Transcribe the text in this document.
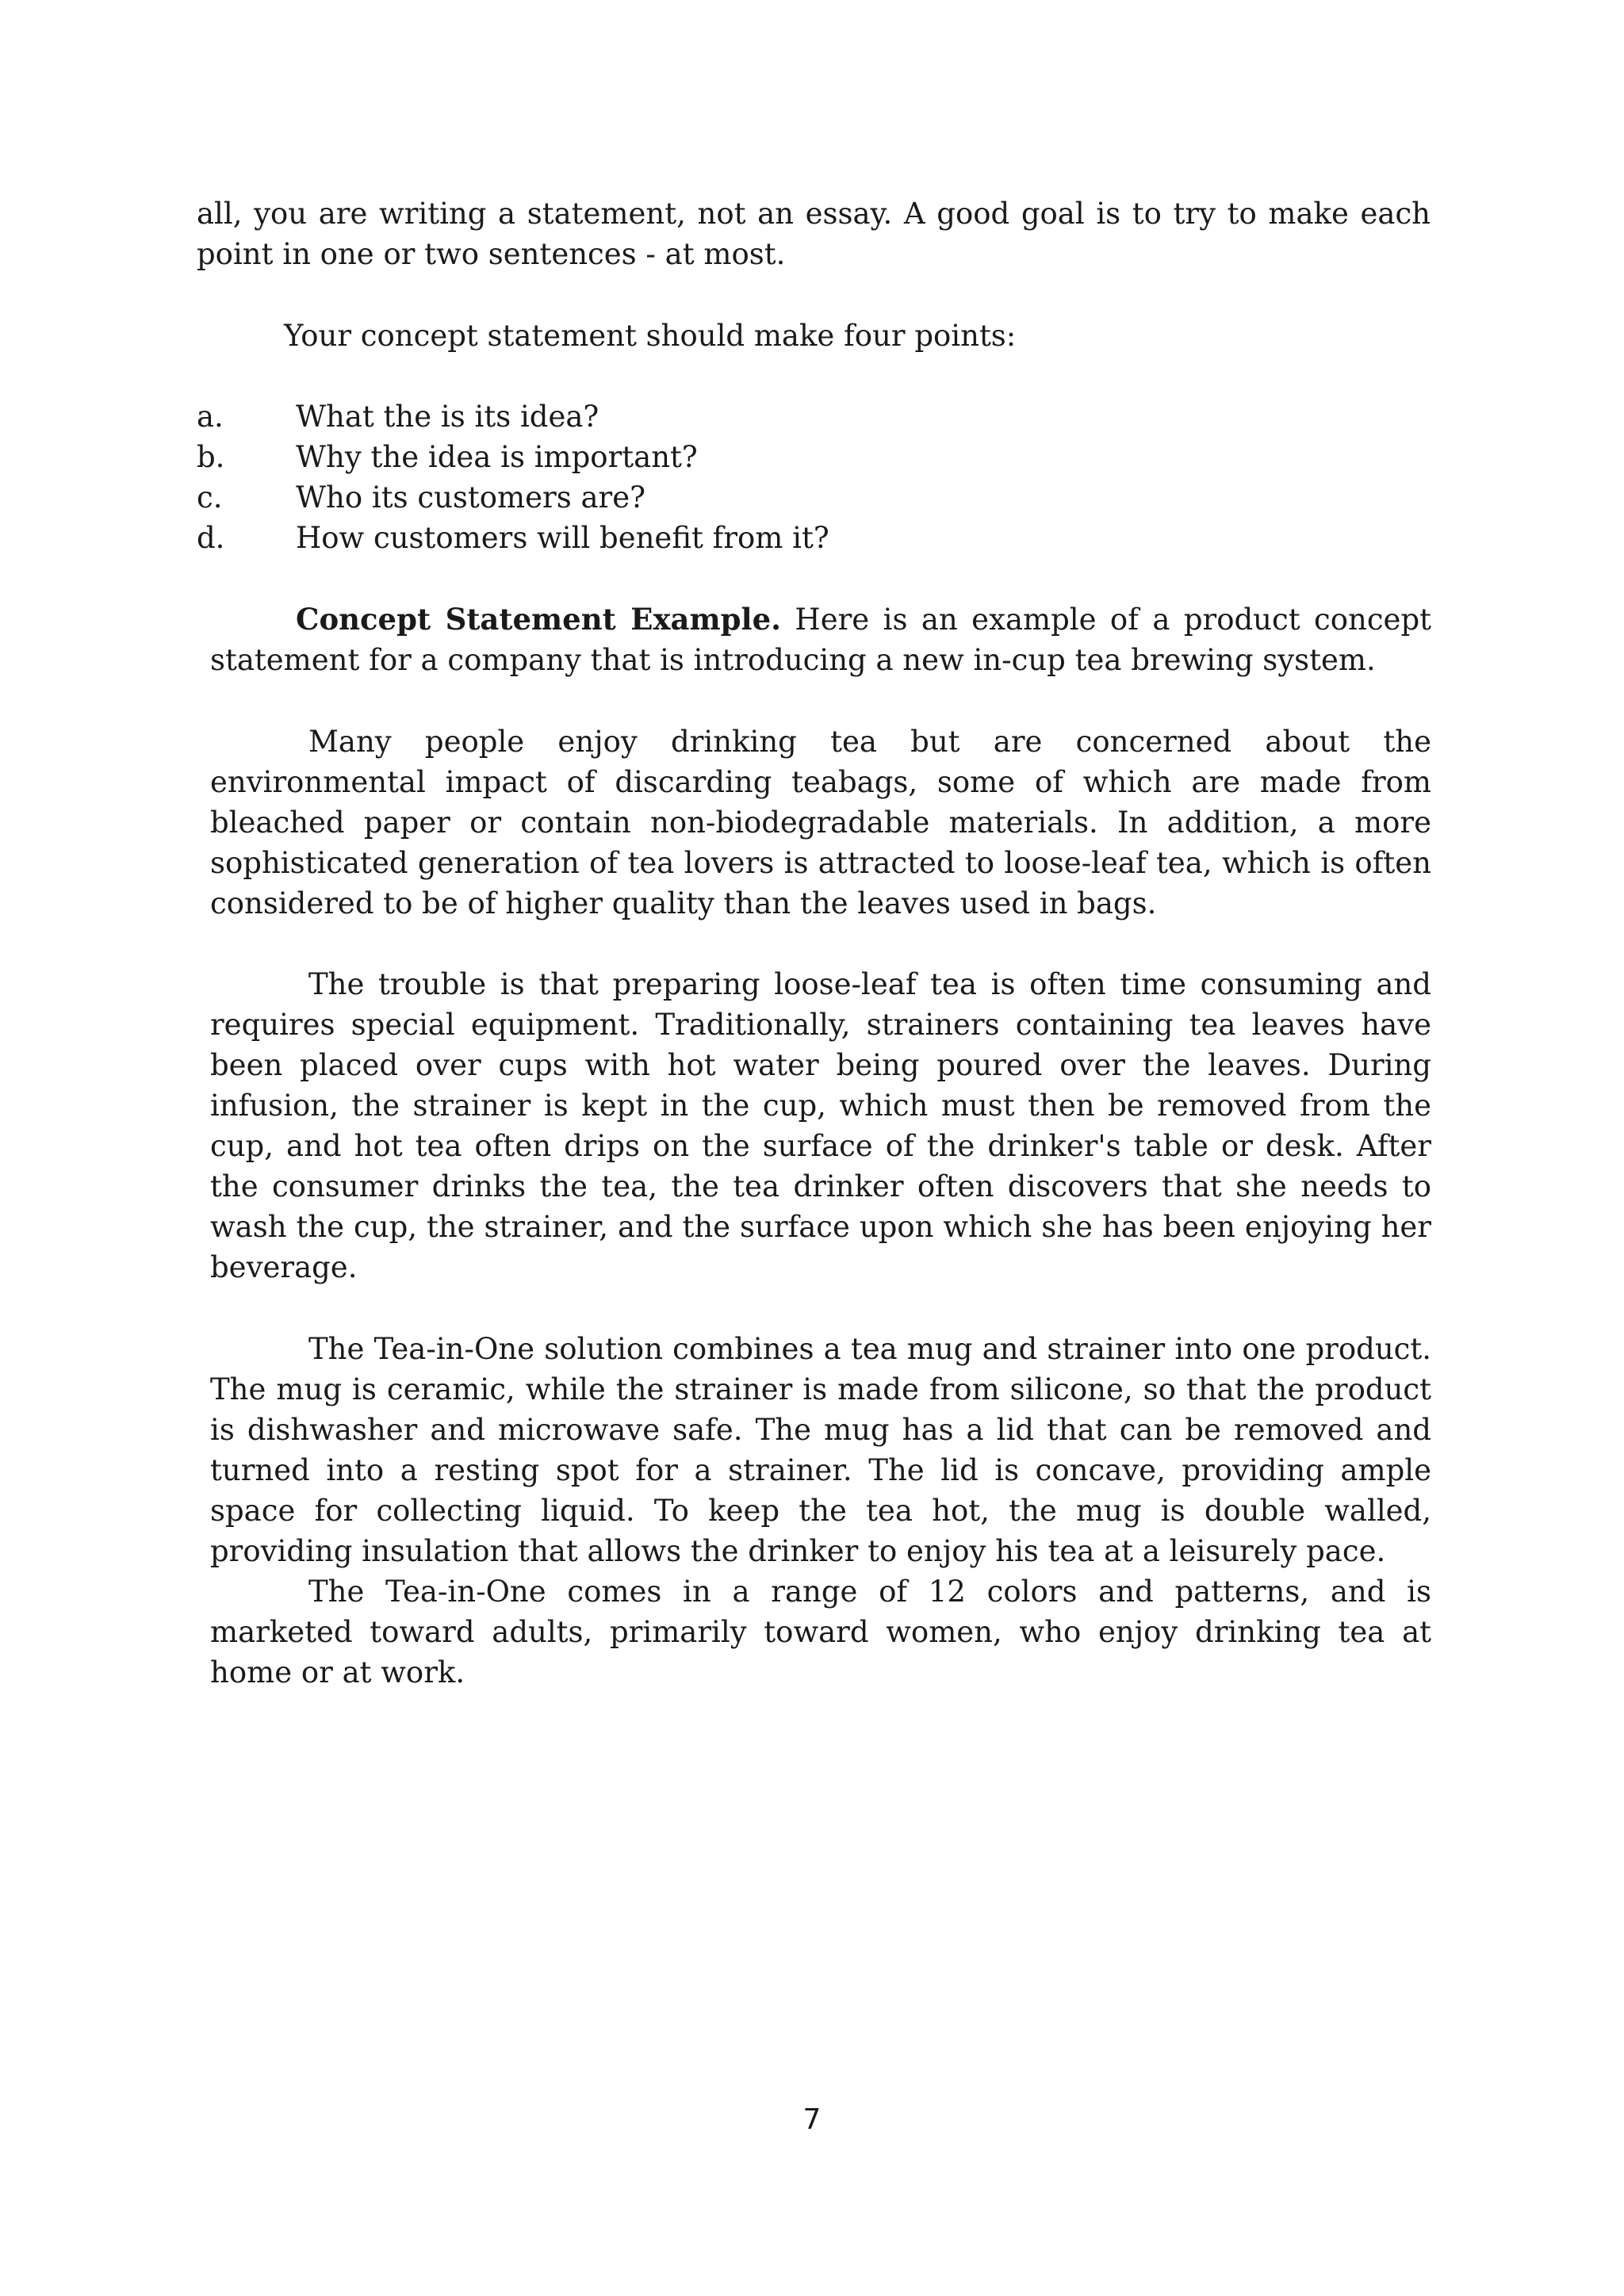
all, you are writing a statement, not an essay. A good goal is to try to make each point in one or two sentences - at most.

Your concept statement should make four points:

a.	What the is its idea?
b.	Why the idea is important?
c.	Who its customers are?
d.	How customers will benefit from it?

Concept Statement Example. Here is an example of a product concept statement for a company that is introducing a new in-cup tea brewing system.

Many people enjoy drinking tea but are concerned about the environmental impact of discarding teabags, some of which are made from bleached paper or contain non-biodegradable materials. In addition, a more sophisticated generation of tea lovers is attracted to loose-leaf tea, which is often considered to be of higher quality than the leaves used in bags.

The trouble is that preparing loose-leaf tea is often time consuming and requires special equipment. Traditionally, strainers containing tea leaves have been placed over cups with hot water being poured over the leaves. During infusion, the strainer is kept in the cup, which must then be removed from the cup, and hot tea often drips on the surface of the drinker's table or desk. After the consumer drinks the tea, the tea drinker often discovers that she needs to wash the cup, the strainer, and the surface upon which she has been enjoying her beverage.

The Tea-in-One solution combines a tea mug and strainer into one product. The mug is ceramic, while the strainer is made from silicone, so that the product is dishwasher and microwave safe. The mug has a lid that can be removed and turned into a resting spot for a strainer. The lid is concave, providing ample space for collecting liquid. To keep the tea hot, the mug is double walled, providing insulation that allows the drinker to enjoy his tea at a leisurely pace.

The Tea-in-One comes in a range of 12 colors and patterns, and is marketed toward adults, primarily toward women, who enjoy drinking tea at home or at work.

7
